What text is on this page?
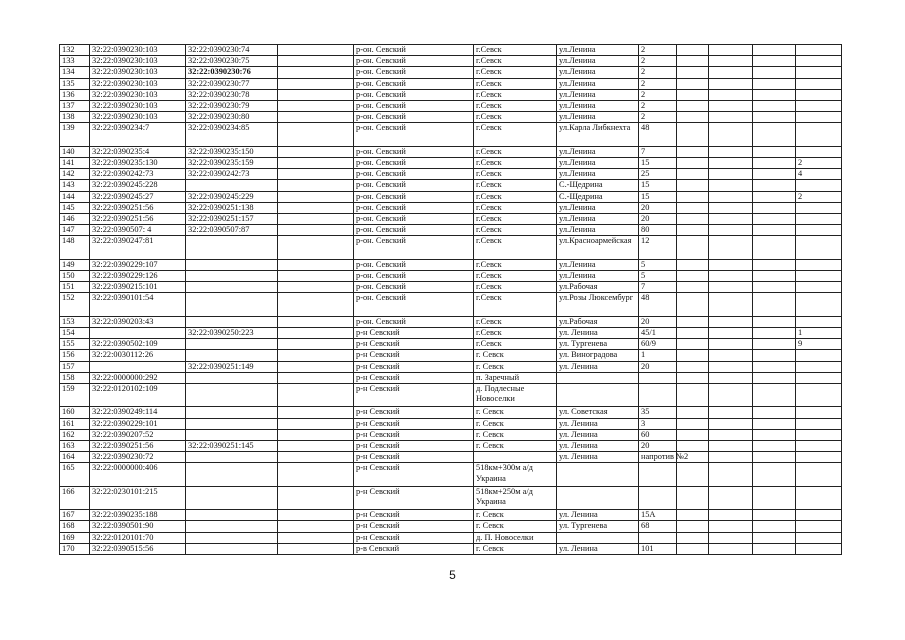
132	32:22:0390230:103	32:22:0390230:74		р-он. Севский	г.Севск	ул.Ленина	2				
133	32:22:0390230:103	32:22:0390230:75		р-он. Севский	г.Севск	ул.Ленина	2				
134	32:22:0390230:103	32:22:0390230:76		р-он. Севский	г.Севск	ул.Ленина	2				
135	32:22:0390230:103	32:22:0390230:77		р-он. Севский	г.Севск	ул.Ленина	2				
136	32:22:0390230:103	32:22:0390230:78		р-он. Севский	г.Севск	ул.Ленина	2				
137	32:22:0390230:103	32:22:0390230:79		р-он. Севский	г.Севск	ул.Ленина	2				
138	32:22:0390230:103	32:22:0390230:80		р-он. Севский	г.Севск	ул.Ленина	2				
139	32:22:0390234:7	32:22:0390234:85		р-он. Севский	г.Севск	ул.Карла Либкнехта	48				
140	32:22:0390235:4	32:22:0390235:150		р-он. Севский	г.Севск	ул.Ленина	7				
141	32:22:0390235:130	32:22:0390235:159		р-он. Севский	г.Севск	ул.Ленина	15				2
142	32:22:0390242:73	32:22:0390242:73		р-он. Севский	г.Севск	ул.Ленина	25				4
143	32:22:0390245:228			р-он. Севский	г.Севск	С.-Щедрина	15				
144	32:22:0390245:27	32:22:0390245:229		р-он. Севский	г.Севск	С.-Щедрина	15				2
145	32:22:0390251:56	32:22:0390251:138		р-он. Севский	г.Севск	ул.Ленина	20				
146	32:22:0390251:56	32:22:0390251:157		р-он. Севский	г.Севск	ул.Ленина	20				
147	32:22:0390507: 4	32:22:0390507:87		р-он. Севский	г.Севск	ул.Ленина	80				
148	32:22:0390247:81			р-он. Севский	г.Севск	ул.Красноармейская	12				
149	32:22:0390229:107			р-он. Севский	г.Севск	ул.Ленина	5				
150	32:22:0390229:126			р-он. Севский	г.Севск	ул.Ленина	5				
151	32:22:0390215:101			р-он. Севский	г.Севск	ул.Рабочая	7				
152	32:22:0390101:54			р-он. Севский	г.Севск	ул.Розы Люксембург	48				
153	32:22:0390203:43			р-он. Севский	г.Севск	ул.Рабочая	20				
154		32:22:0390250:223		р-н Севский	г.Севск	ул. Ленина	45/1				1
155	32:22:0390502:109			р-н Севский	г.Севск	ул. Тургенева	60/9				9
156	32:22:0030112:26			р-н Севский	г. Севск	ул. Виноградова	1				
157		32:22:0390251:149		р-н Севский	г. Севск	ул. Ленина	20				
158	32:22:0000000:292			р-н Севский	п. Заречный						
159	32:22:0120102:109			р-н Севский	д. Подлесные Новоселки						
160	32:22:0390249:114			р-н Севский	г. Севск	ул. Советская	35				
161	32:22:0390229:101			р-н Севский	г. Севск	ул. Ленина	3				
162	32:22:0390207:52			р-н Севский	г. Севск	ул. Ленина	60				
163	32:22:0390251:56	32:22:0390251:145		р-н Севский	г. Севск	ул. Ленина	20				
164	32:22:0390230:72			р-н Севский		ул. Ленина	напротив №2				
165	32:22:0000000:406			р-н Севский	518км+300м а/д Украина						
166	32:22:0230101:215			р-н Севский	518км+250м а/д Украина						
167	32:22:0390235:188			р-н Севский	г. Севск	ул. Ленина	15А				
168	32:22:0390501:90			р-н Севский	г. Севск	ул. Тургенева	68				
169	32:22:0120101:70			р-н Севский	д. П. Новоселки						
170	32:22:0390515:56			р-в Севский	г. Севск	ул. Ленина	101				
5
